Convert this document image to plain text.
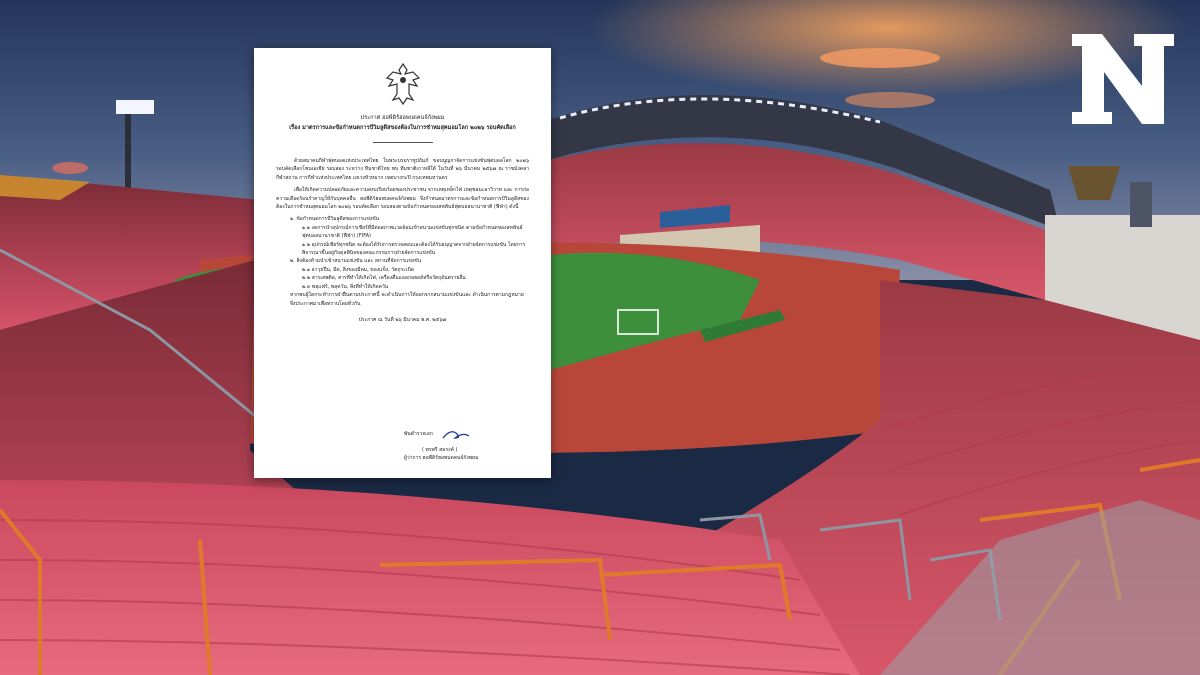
ประกาศ ฮอพีดิร์ฮอพบดคนจ์กังพผม
เรื่อง มาตรการและข้อกำหนดการป้วิมลูดีสของต้องในการชำหมสุคมอมโลก ๒๐๒๖ รอบคัดเลือก

ด้วยสมาคมกีฬาฟุตบอลแห่งประเทศไทย ในพระบรมราชูปถัมภ์ ขอบนูญกาจัดการแข่งขันฟุตบอลโลก ๒๐๒๖ รอบคัดเลือกโซนเอเชีย รอบสอง ระหว่าง ทีมชาติไทย พบ ทีมชาติเกาหลีใต้ ในวันที่ ๒๖ มีนาคม ๒๕๖๗ ณ ราชมังคลากีฬาสถาน การกีฬาแห่งประเทศไทย แขวงหัวหมาก เขตบางกะปิ กรุงเทพมหานคร

เพื่อให้เกิดความปลอดภัยและความสงบเรียบร้อยของประชาชน จากเหตุเหล็กไฟ เหตุชลมะลาวิวาท และ การก่อความเดือดร้อนรำคาญให้กับบุคคลอื่น ฮอพีดิร์ฮอพบดคนจ์กังพผม จึงกำหนดมาตรการและข้อกำหนดการป้วิมลูดีสของต้องในการชำหมสุคมอมโลก ๒๐๒๖ รอบคัดเลือก รอบสองตามข้อกำหนดของสหพันธ์ฟุตบอลนานาชาติ (ฟีฟ่า) ดังนี้

๑. ข้อกำหนดการป้วิมลูดีสของการแข่งขัน

๑.๑ งดการนำอุปกรณ์การเชียร์ที่มีต่อสภาพแวดล้อมเข้าสนามแข่งขันทุกชนิด ตามข้อกำหนดของสหพันธ์ฟุตบอลนานาชาติ (ฟีฟ่า) (FIFA)

๑.๒ อุปกรณ์เชียร์ทุกชนิด จะต้องได้รับการตรวจสอบและต้องได้รับอนุญาตจากฝ่ายจัดการแข่งขัน โดยการพิจารณาขึ้นอยู่กับดุลพินิจของคณะกรรมการฝ่ายจัดการแข่งขัน

๒. สิ่งต้องห้ามนำเข้าสนามแข่งขัน และ สถานที่จัดการแข่งขัน

๒.๑ อาวุธปืน, มีด, สิ่งของมีคม, ของแข็ง, วัตถุระเบิด

๒.๒ สารเสพติด, สารที่ทำให้เกิดไฟ, เครื่องดื่มแอลกอฮอล์หรือวัตถุอันตรายอื่น

๒.๓ พลุแฟร์, พลุควัน, สิ่งที่ทำให้เกิดควัน

หากพบผู้ใดกระทำการฝ่าฝืนตามประกาศนี้ จะดำเนินการให้ออกจากสนามแข่งขันและ ดำเนินการตามกฎหมาย

จึงประกาศมาเพื่อทราบโดยทั่วกัน

ประกาศ ณ วันที่ ๒๖ มีนาคม พ.ศ. ๒๕๖๗
พันตำรวจเอก
( พรพรี สมรงค์ )
ผู้ว่าการ ฮอพีดิร์ฮอพบดคนจ์กังพผม
